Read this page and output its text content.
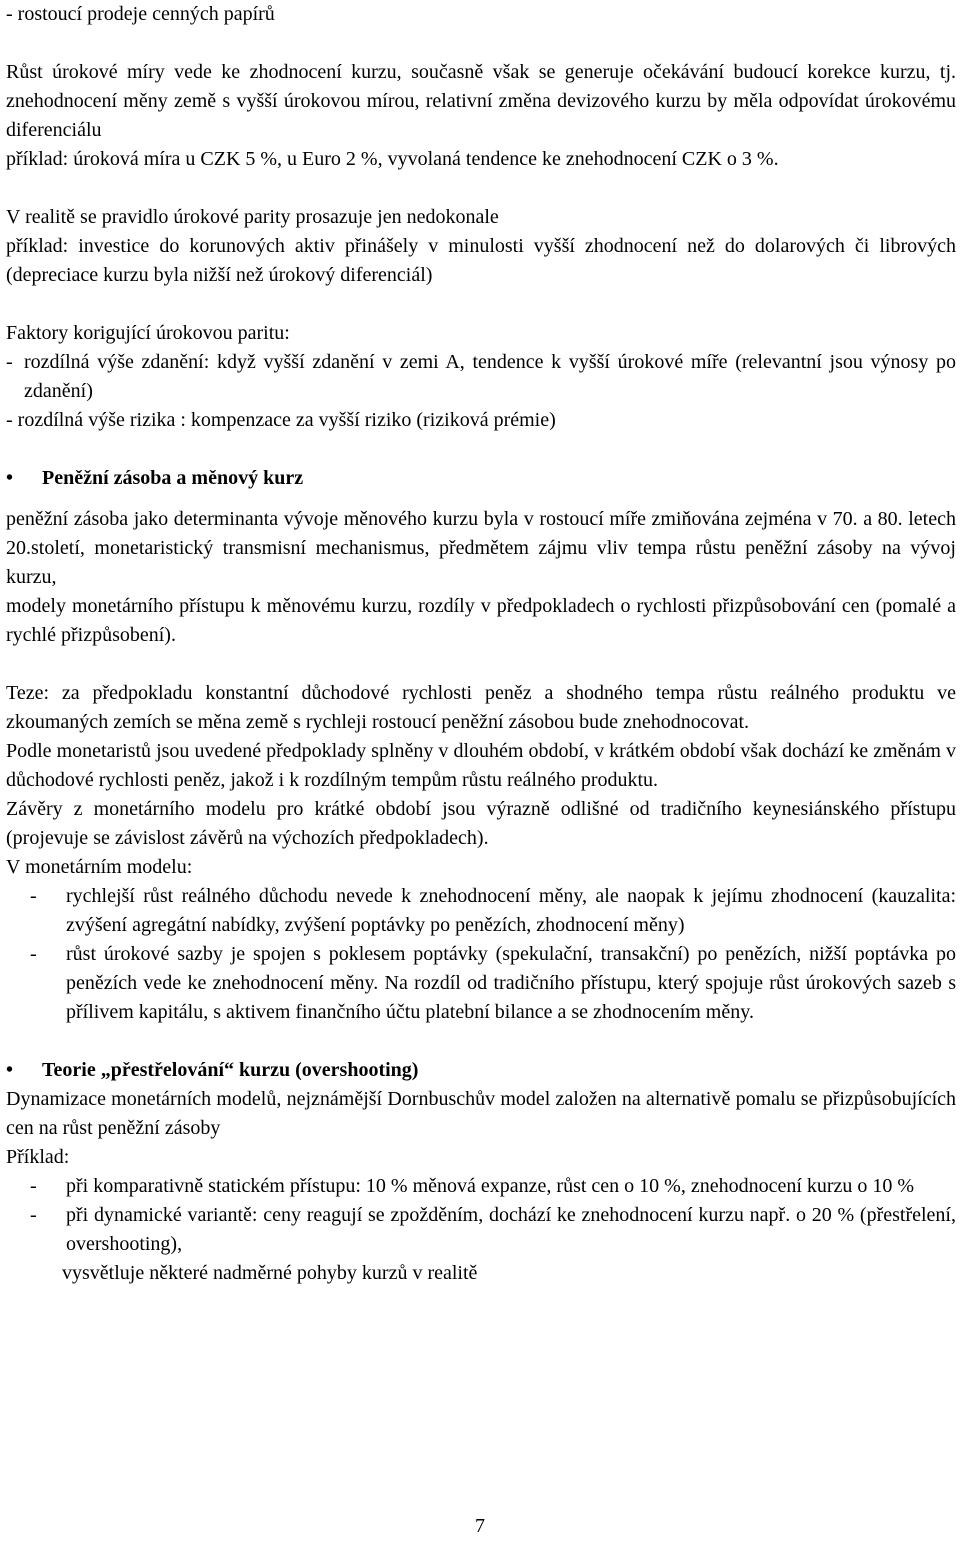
- rostoucí prodeje cenných papírů

Růst úrokové míry vede ke zhodnocení kurzu, současně však se generuje očekávání budoucí korekce kurzu, tj. znehodnocení měny země s vyšší úrokovou mírou, relativní změna devizového kurzu by měla odpovídat úrokovému diferenciálu

příklad: úroková míra u CZK 5 %, u Euro 2 %, vyvolaná tendence ke znehodnocení CZK o 3 %.

V realitě se pravidlo úrokové parity prosazuje jen nedokonale

příklad: investice do korunových aktiv přinášely v minulosti vyšší zhodnocení než do dolarových či librových (depreciace kurzu byla nižší než úrokový diferenciál)

Faktory korigující úrokovou paritu:

- rozdílná výše zdanění: když vyšší zdanění v zemi A, tendence k vyšší úrokové míře (relevantní jsou výnosy po zdanění)

- rozdílná výše rizika : kompenzace za vyšší riziko (riziková prémie)

• Peněžní zásoba a měnový kurz

peněžní zásoba jako determinanta vývoje měnového kurzu byla v rostoucí míře zmiňována zejména v 70. a 80. letech 20.století, monetaristický transmisní mechanismus, předmětem zájmu vliv tempa růstu peněžní zásoby na vývoj kurzu,

modely monetárního přístupu k měnovému kurzu, rozdíly v předpokladech o rychlosti přizpůsobování cen (pomalé a rychlé přizpůsobení).

Teze: za předpokladu konstantní důchodové rychlosti peněz a shodného tempa růstu reálného produktu ve zkoumaných zemích se měna země s rychleji rostoucí peněžní zásobou bude znehodnocovat.

Podle monetaristů jsou uvedené předpoklady splněny v dlouhém období, v krátkém období však dochází ke změnám v důchodové rychlosti peněz, jakož i k rozdílným tempům růstu reálného produktu.

Závěry z monetárního modelu pro krátké období jsou výrazně odlišné od tradičního keynesiánského přístupu (projevuje se závislost závěrů na výchozích předpokladech).

V monetárním modelu:

- rychlejší růst reálného důchodu nevede k znehodnocení měny, ale naopak k jejímu zhodnocení (kauzalita: zvýšení agregátní nabídky, zvýšení poptávky po penězích, zhodnocení měny)
- růst úrokové sazby je spojen s poklesem poptávky (spekulační, transakční) po penězích, nižší poptávka po penězích vede ke znehodnocení měny. Na rozdíl od tradičního přístupu, který spojuje růst úrokových sazeb s přílivem kapitálu, s aktivem finančního účtu platební bilance a se zhodnocením měny.

• Teorie „přestřelování“ kurzu (overshooting)

Dynamizace monetárních modelů, nejznámější Dornbuschův model založen na alternativě pomalu se přizpůsobujících cen na růst peněžní zásoby

Příklad:

- při komparativně statickém přístupu: 10 % měnová expanze, růst cen o 10 %, znehodnocení kurzu o 10 %
- při dynamické variantě: ceny reagují se zpožděním, dochází ke znehodnocení kurzu např. o 20 % (přestřelení, overshooting),

vysvětluje některé nadměrné pohyby kurzů v realitě

7
